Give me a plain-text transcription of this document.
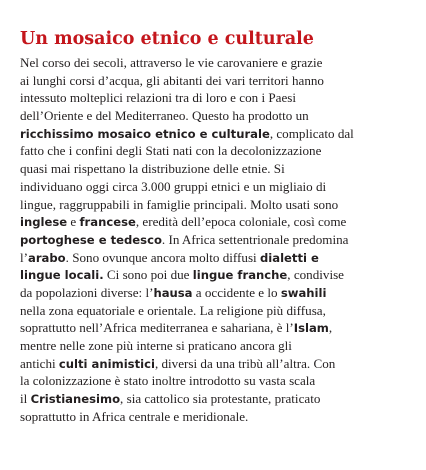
Un mosaico etnico e culturale
Nel corso dei secoli, attraverso le vie carovaniere e grazie
ai lunghi corsi d’acqua, gli abitanti dei vari territori hanno
intessuto molteplici relazioni tra di loro e con i Paesi
dell’Oriente e del Mediterraneo. Questo ha prodotto un
ricchissimo mosaico etnico e culturale, complicato dal
fatto che i confini degli Stati nati con la decolonizzazione
quasi mai rispettano la distribuzione delle etnie. Si
individuano oggi circa 3.000 gruppi etnici e un migliaio di
lingue, raggruppabili in famiglie principali. Molto usati sono
inglese e francese, eredità dell’epoca coloniale, così come
portoghese e tedesco. In Africa settentrionale predomina
l’arabo. Sono ovunque ancora molto diffusi dialetti e
lingue locali. Ci sono poi due lingue franche, condivise
da popolazioni diverse: l’hausa a occidente e lo swahili
nella zona equatoriale e orientale. La religione più diffusa,
soprattutto nell’Africa mediterranea e sahariana, è l’Islam,
mentre nelle zone più interne si praticano ancora gli
antichi culti animistici, diversi da una tribù all’altra. Con
la colonizzazione è stato inoltre introdotto su vasta scala
il Cristianesimo, sia cattolico sia protestante, praticato
soprattutto in Africa centrale e meridionale.
